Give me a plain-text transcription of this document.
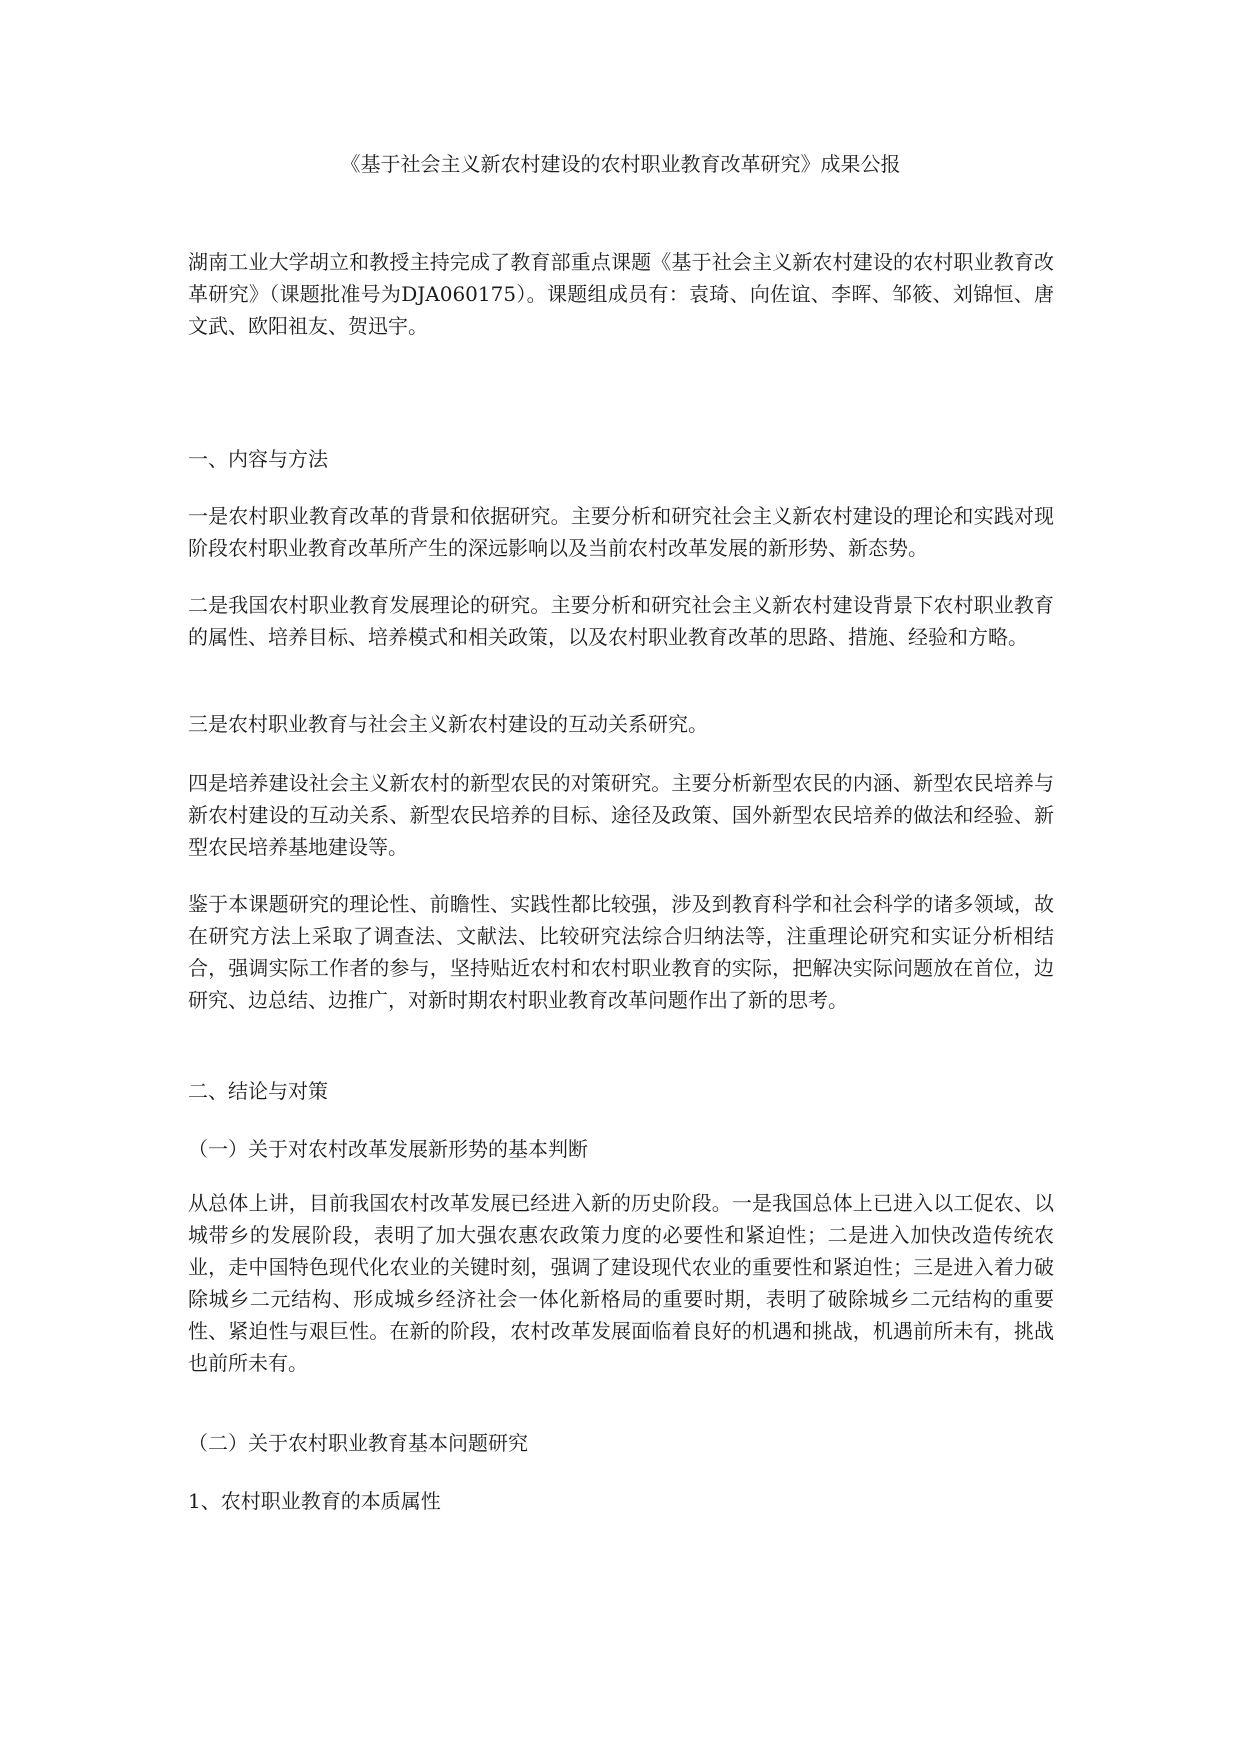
《基于社会主义新农村建设的农村职业教育改革研究》成果公报

湖南工业大学胡立和教授主持完成了教育部重点课题《基于社会主义新农村建设的农村职业教育改革研究》（课题批准号为DJA060175）。课题组成员有：袁琦、向佐谊、李晖、邹筱、刘锦恒、唐文武、欧阳祖友、贺迅宇。

一、内容与方法

一是农村职业教育改革的背景和依据研究。主要分析和研究社会主义新农村建设的理论和实践对现阶段农村职业教育改革所产生的深远影响以及当前农村改革发展的新形势、新态势。

二是我国农村职业教育发展理论的研究。主要分析和研究社会主义新农村建设背景下农村职业教育的属性、培养目标、培养模式和相关政策，以及农村职业教育改革的思路、措施、经验和方略。

三是农村职业教育与社会主义新农村建设的互动关系研究。

四是培养建设社会主义新农村的新型农民的对策研究。主要分析新型农民的内涵、新型农民培养与新农村建设的互动关系、新型农民培养的目标、途径及政策、国外新型农民培养的做法和经验、新型农民培养基地建设等。

鉴于本课题研究的理论性、前瞻性、实践性都比较强，涉及到教育科学和社会科学的诸多领域，故在研究方法上采取了调查法、文献法、比较研究法综合归纳法等，注重理论研究和实证分析相结合，强调实际工作者的参与，坚持贴近农村和农村职业教育的实际，把解决实际问题放在首位，边研究、边总结、边推广，对新时期农村职业教育改革问题作出了新的思考。

二、结论与对策
（一）关于对农村改革发展新形势的基本判断

从总体上讲，目前我国农村改革发展已经进入新的历史阶段。一是我国总体上已进入以工促农、以城带乡的发展阶段，表明了加大强农惠农政策力度的必要性和紧迫性；二是进入加快改造传统农业，走中国特色现代化农业的关键时刻，强调了建设现代农业的重要性和紧迫性；三是进入着力破除城乡二元结构、形成城乡经济社会一体化新格局的重要时期，表明了破除城乡二元结构的重要性、紧迫性与艰巨性。在新的阶段，农村改革发展面临着良好的机遇和挑战，机遇前所未有，挑战也前所未有。

（二）关于农村职业教育基本问题研究
1、农村职业教育的本质属性
